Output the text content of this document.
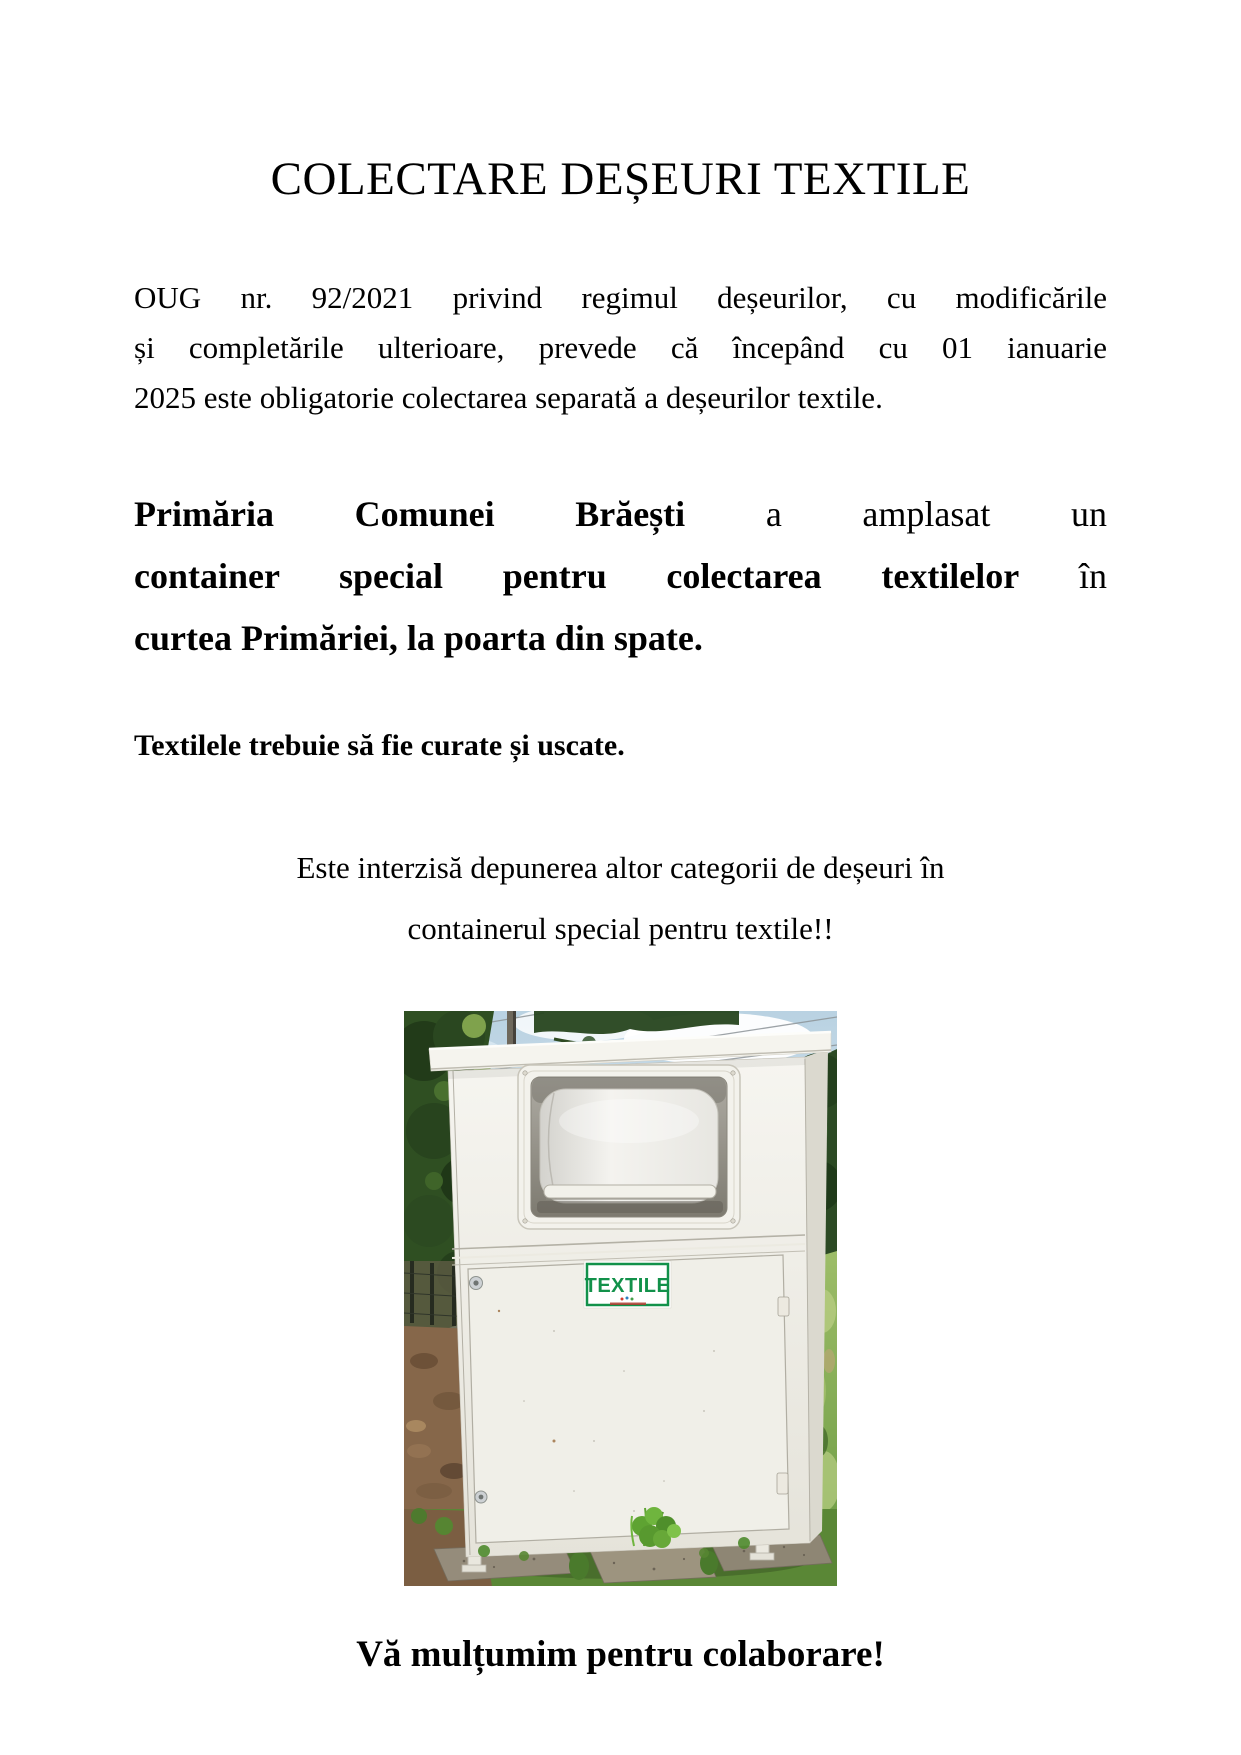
COLECTARE DEȘEURI TEXTILE

OUG nr. 92/2021 privind regimul deșeurilor, cu modificările
și completările ulterioare, prevede că începând cu 01 ianuarie
2025 este obligatorie colectarea separată a deșeurilor textile.

Primăria Comunei Brăești a amplasat un
container special pentru colectarea textilelor în
curtea Primăriei, la poarta din spate.

Textilele trebuie să fie curate și uscate.

Este interzisă depunerea altor categorii de deșeuri în
containerul special pentru textile!!

TEXTILE

Vă mulțumim pentru colaborare!
